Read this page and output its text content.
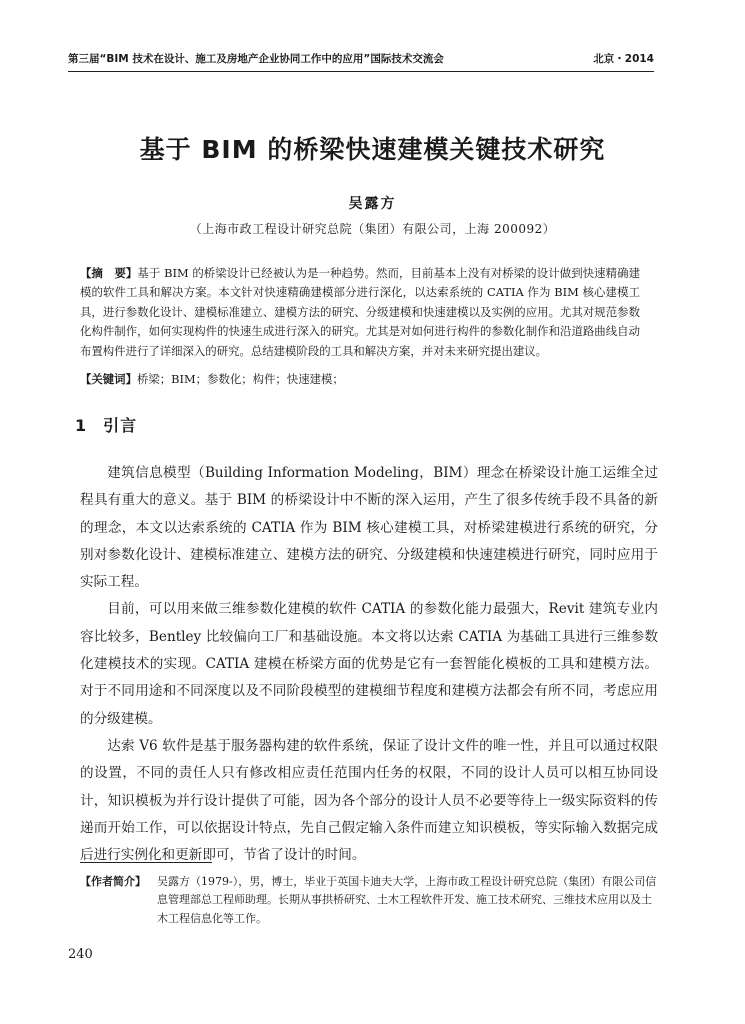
第三届“BIM 技术在设计、施工及房地产企业协同工作中的应用”国际技术交流会	北京・2014
基于 BIM 的桥梁快速建模关键技术研究
吴露方
（上海市政工程设计研究总院（集团）有限公司，上海 200092）
【摘　要】基于 BIM 的桥梁设计已经被认为是一种趋势。然而，目前基本上没有对桥梁的设计做到快速精确建模的软件工具和解决方案。本文针对快速精确建模部分进行深化，以达索系统的 CATIA 作为 BIM 核心建模工具，进行参数化设计、建模标准建立、建模方法的研究、分级建模和快速建模以及实例的应用。尤其对规范参数化构件制作，如何实现构件的快速生成进行深入的研究。尤其是对如何进行构件的参数化制作和沿道路曲线自动布置构件进行了详细深入的研究。总结建模阶段的工具和解决方案，并对未来研究提出建议。
【关键词】桥梁；BIM；参数化；构件；快速建模；
1 引言

建筑信息模型（Building Information Modeling，BIM）理念在桥梁设计施工运维全过程具有重大的意义。基于 BIM 的桥梁设计中不断的深入运用，产生了很多传统手段不具备的新的理念，本文以达索系统的 CATIA 作为 BIM 核心建模工具，对桥梁建模进行系统的研究，分别对参数化设计、建模标准建立、建模方法的研究、分级建模和快速建模进行研究，同时应用于实际工程。

目前，可以用来做三维参数化建模的软件 CATIA 的参数化能力最强大，Revit 建筑专业内容比较多，Bentley 比较偏向工厂和基础设施。本文将以达索 CATIA 为基础工具进行三维参数化建模技术的实现。CATIA 建模在桥梁方面的优势是它有一套智能化模板的工具和建模方法。对于不同用途和不同深度以及不同阶段模型的建模细节程度和建模方法都会有所不同，考虑应用的分级建模。

达索 V6 软件是基于服务器构建的软件系统，保证了设计文件的唯一性，并且可以通过权限的设置，不同的责任人只有修改相应责任范围内任务的权限，不同的设计人员可以相互协同设计，知识模板为并行设计提供了可能，因为各个部分的设计人员不必要等待上一级实际资料的传递而开始工作，可以依据设计特点，先自己假定输入条件而建立知识模板，等实际输入数据完成后进行实例化和更新即可，节省了设计的时间。

【作者简介】 吴露方（1979-），男，博士，毕业于英国卡迪夫大学，上海市政工程设计研究总院（集团）有限公司信息管理部总工程师助理。长期从事拱桥研究、土木工程软件开发、施工技术研究、三维技术应用以及土木工程信息化等工作。
240
